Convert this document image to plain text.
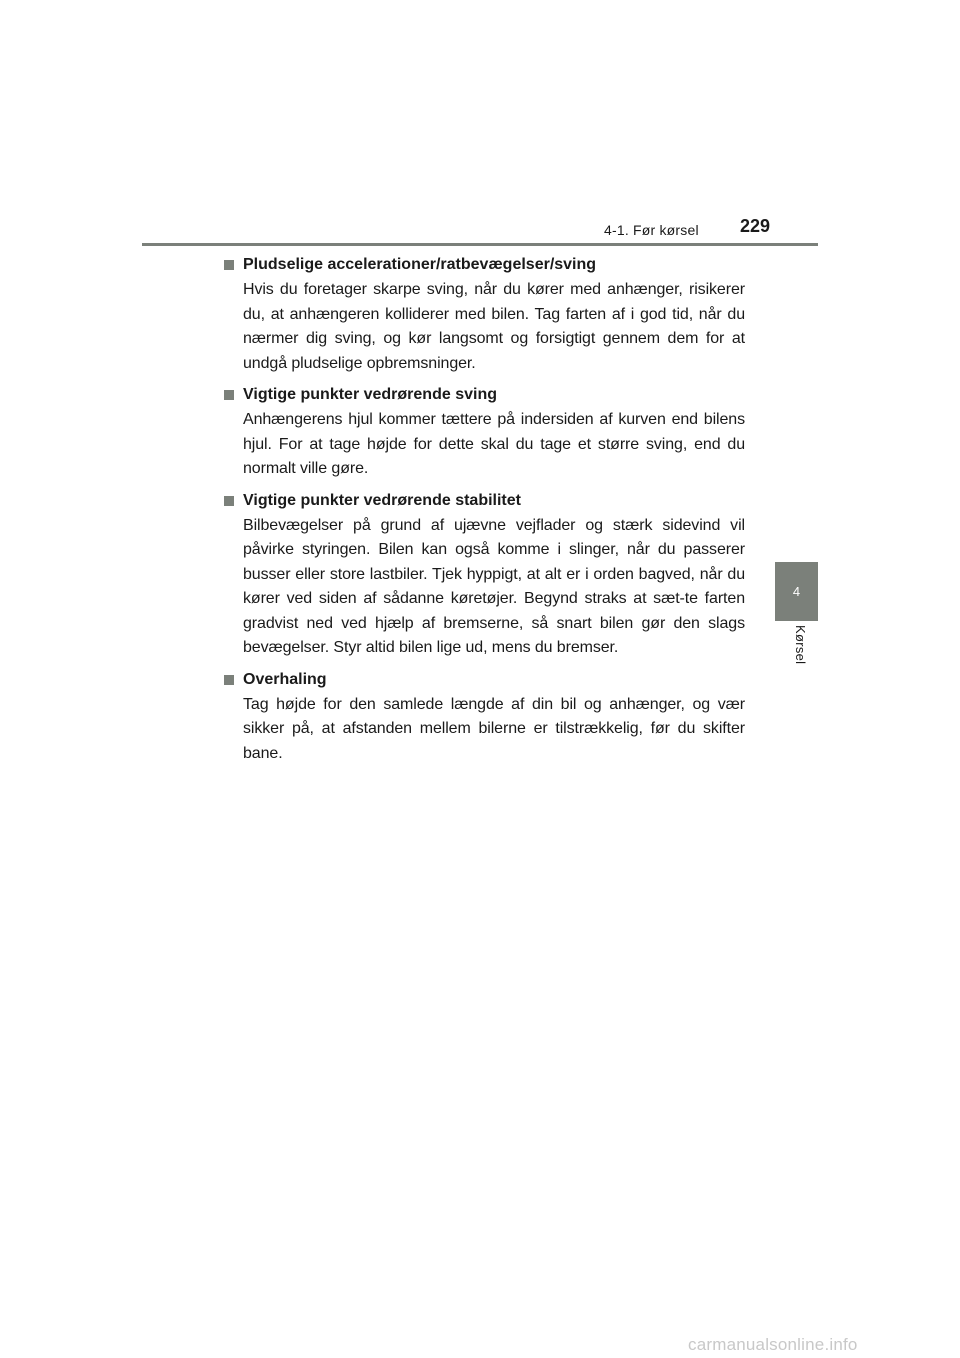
4-1. Før kørsel 229
Pludselige accelerationer/ratbevægelser/sving
Hvis du foretager skarpe sving, når du kører med anhænger, risikerer du, at anhængeren kolliderer med bilen. Tag farten af i god tid, når du nærmer dig sving, og kør langsomt og forsigtigt gennem dem for at undgå pludselige opbremsninger.
Vigtige punkter vedrørende sving
Anhængerens hjul kommer tættere på indersiden af kurven end bilens hjul. For at tage højde for dette skal du tage et større sving, end du normalt ville gøre.
Vigtige punkter vedrørende stabilitet
Bilbevægelser på grund af ujævne vejflader og stærk sidevind vil påvirke styringen. Bilen kan også komme i slinger, når du passerer busser eller store lastbiler. Tjek hyppigt, at alt er i orden bagved, når du kører ved siden af sådanne køretøjer. Begynd straks at sæt-te farten gradvist ned ved hjælp af bremserne, så snart bilen gør den slags bevægelser. Styr altid bilen lige ud, mens du bremser.
Overhaling
Tag højde for den samlede længde af din bil og anhænger, og vær sikker på, at afstanden mellem bilerne er tilstrækkelig, før du skifter bane.
4
Kørsel
carmanualsonline.info
